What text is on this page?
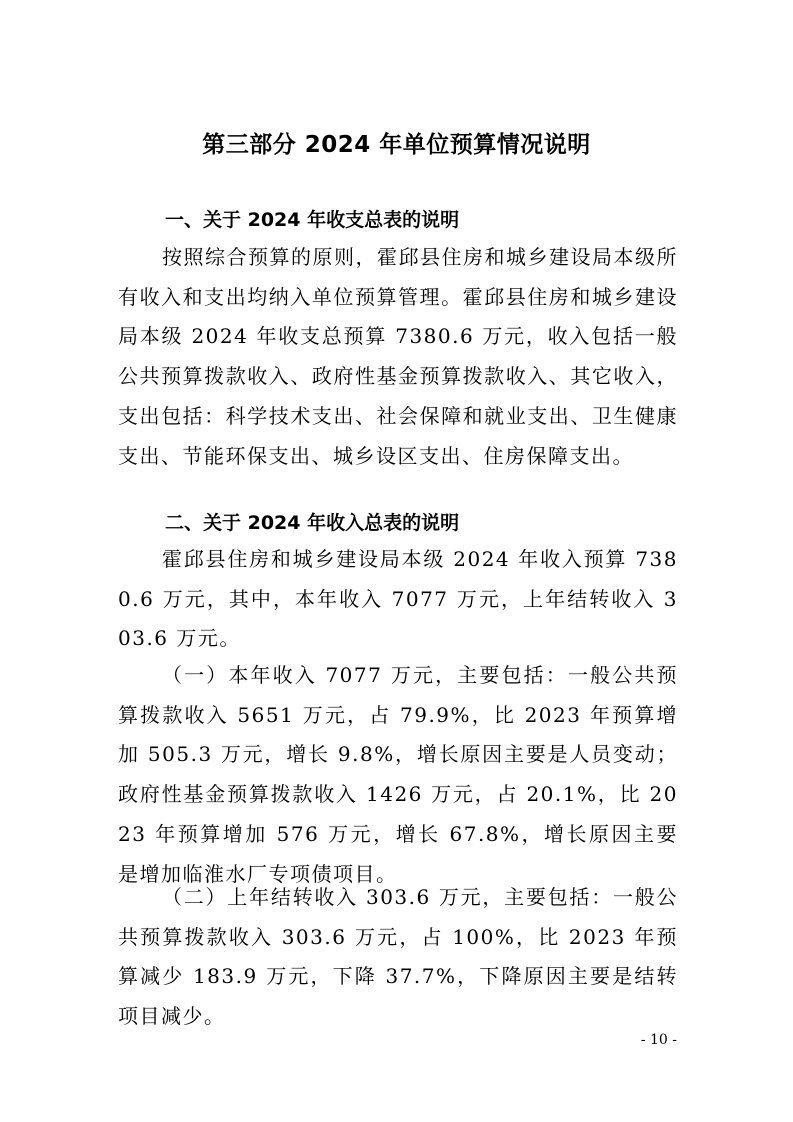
第三部分 2024 年单位预算情况说明
一、关于 2024 年收支总表的说明
按照综合预算的原则，霍邱县住房和城乡建设局本级所有收入和支出均纳入单位预算管理。霍邱县住房和城乡建设局本级 2024 年收支总预算 7380.6 万元，收入包括一般公共预算拨款收入、政府性基金预算拨款收入、其它收入，支出包括：科学技术支出、社会保障和就业支出、卫生健康支出、节能环保支出、城乡设区支出、住房保障支出。
二、关于 2024 年收入总表的说明
霍邱县住房和城乡建设局本级 2024 年收入预算 7380.6 万元，其中，本年收入 7077 万元，上年结转收入 303.6 万元。
（一）本年收入 7077 万元，主要包括：一般公共预算拨款收入 5651 万元，占 79.9%，比 2023 年预算增加 505.3 万元，增长 9.8%，增长原因主要是人员变动；政府性基金预算拨款收入 1426 万元，占 20.1%，比 2023 年预算增加 576 万元，增长 67.8%，增长原因主要是增加临淮水厂专项债项目。
（二）上年结转收入 303.6 万元，主要包括：一般公共预算拨款收入 303.6 万元，占 100%，比 2023 年预算减少 183.9 万元，下降 37.7%，下降原因主要是结转项目减少。
- 10 -
